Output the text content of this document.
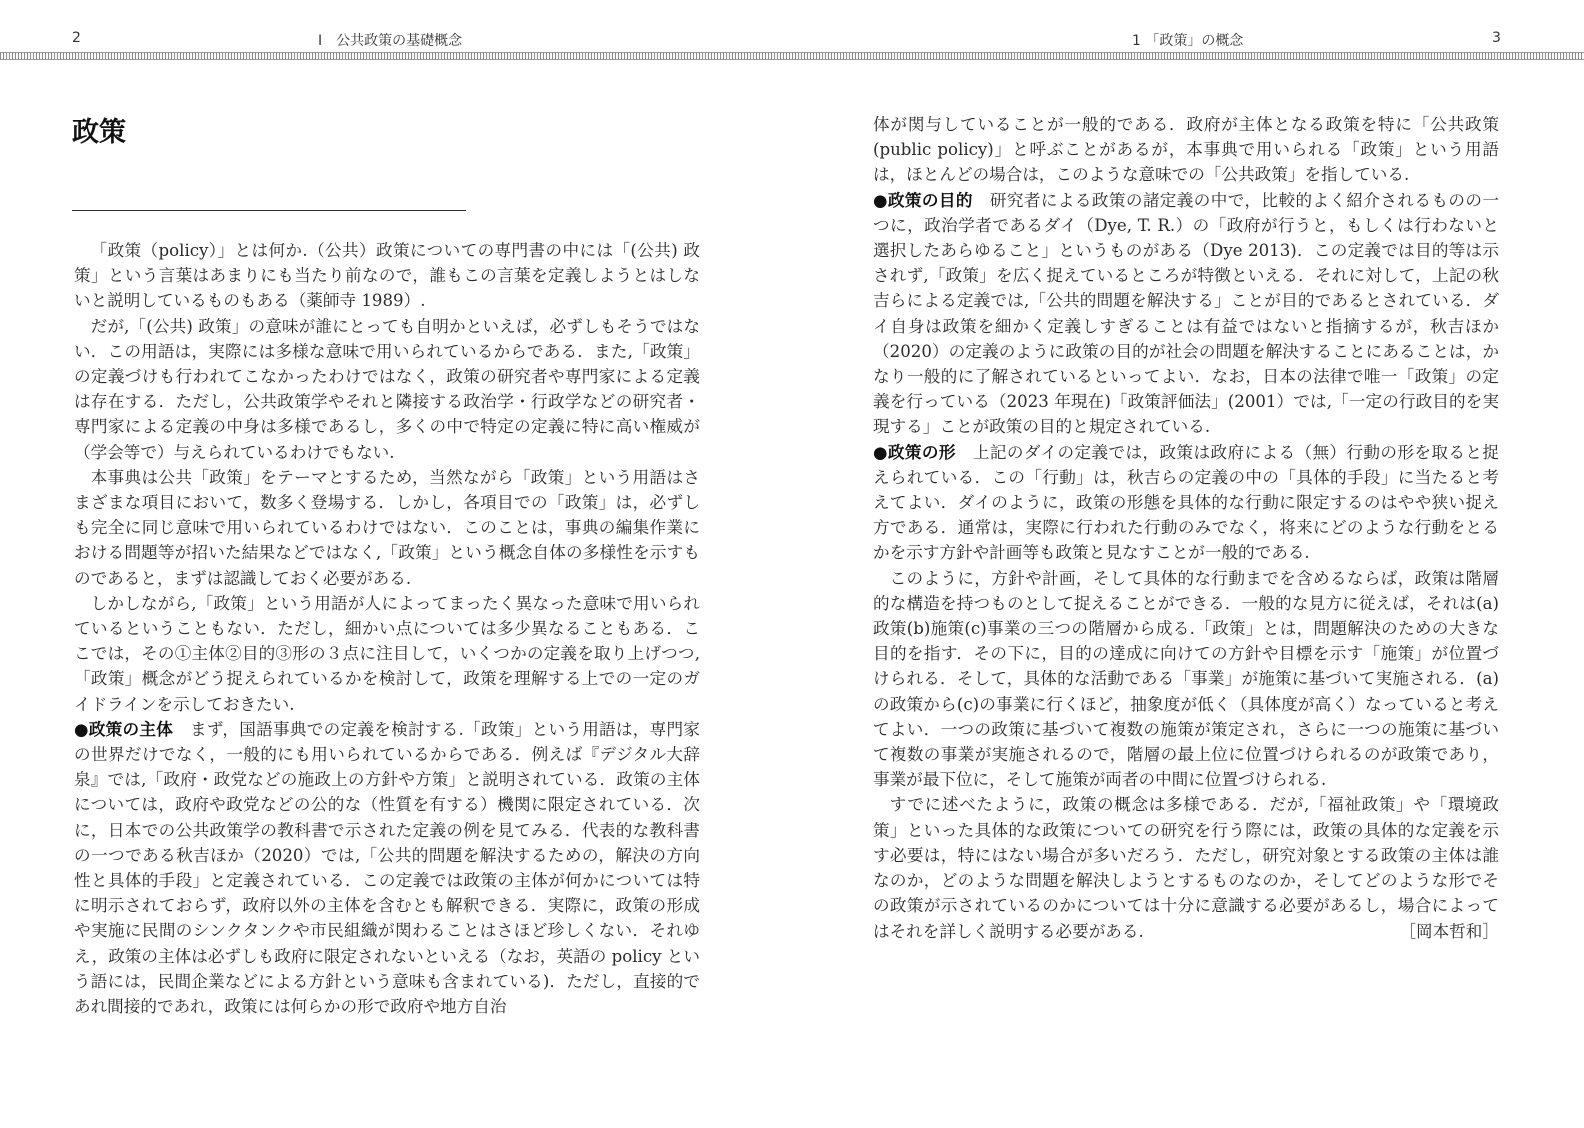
2	I　公共政策の基礎概念	1 「政策」の概念	3
政策

「政策（policy）」とは何か.（公共）政策についての専門書の中には「(公共) 政策」という言葉はあまりにも当たり前なので，誰もこの言葉を定義しようとはしないと説明しているものもある（薬師寺 1989）.

だが,「(公共) 政策」の意味が誰にとっても自明かといえば，必ずしもそうではない．この用語は，実際には多様な意味で用いられているからである．また,「政策」の定義づけも行われてこなかったわけではなく，政策の研究者や専門家による定義は存在する．ただし，公共政策学やそれと隣接する政治学・行政学などの研究者・専門家による定義の中身は多様であるし，多くの中で特定の定義に特に高い権威が（学会等で）与えられているわけでもない.

本事典は公共「政策」をテーマとするため，当然ながら「政策」という用語はさまざまな項目において，数多く登場する．しかし，各項目での「政策」は，必ずしも完全に同じ意味で用いられているわけではない．このことは，事典の編集作業における問題等が招いた結果などではなく,「政策」という概念自体の多様性を示すものであると，まずは認識しておく必要がある.

しかしながら,「政策」という用語が人によってまったく異なった意味で用いられているということもない．ただし，細かい点については多少異なることもある．ここでは，その①主体②目的③形の３点に注目して，いくつかの定義を取り上げつつ,「政策」概念がどう捉えられているかを検討して，政策を理解する上での一定のガイドラインを示しておきたい.

●政策の主体　まず，国語事典での定義を検討する.「政策」という用語は，専門家の世界だけでなく，一般的にも用いられているからである．例えば『デジタル大辞泉』では,「政府・政党などの施政上の方針や方策」と説明されている．政策の主体については，政府や政党などの公的な（性質を有する）機関に限定されている．次に，日本での公共政策学の教科書で示された定義の例を見てみる．代表的な教科書の一つである秋吉ほか（2020）では,「公共的問題を解決するための，解決の方向性と具体的手段」と定義されている．この定義では政策の主体が何かについては特に明示されておらず，政府以外の主体を含むとも解釈できる．実際に，政策の形成や実施に民間のシンクタンクや市民組織が関わることはさほど珍しくない．それゆえ，政策の主体は必ずしも政府に限定されないといえる（なお，英語の policy という語には，民間企業などによる方針という意味も含まれている)．ただし，直接的であれ間接的であれ，政策には何らかの形で政府や地方自治

体が関与していることが一般的である．政府が主体となる政策を特に「公共政策(public policy)」と呼ぶことがあるが，本事典で用いられる「政策」という用語は，ほとんどの場合は，このような意味での「公共政策」を指している.

●政策の目的　研究者による政策の諸定義の中で，比較的よく紹介されるものの一つに，政治学者であるダイ（Dye, T. R.）の「政府が行うと，もしくは行わないと選択したあらゆること」というものがある（Dye 2013)．この定義では目的等は示されず,「政策」を広く捉えているところが特徴といえる．それに対して，上記の秋吉らによる定義では,「公共的問題を解決する」ことが目的であるとされている．ダイ自身は政策を細かく定義しすぎることは有益ではないと指摘するが，秋吉ほか（2020）の定義のように政策の目的が社会の問題を解決することにあることは，かなり一般的に了解されているといってよい．なお，日本の法律で唯一「政策」の定義を行っている（2023 年現在)「政策評価法」(2001）では,「一定の行政目的を実現する」ことが政策の目的と規定されている.

●政策の形　上記のダイの定義では，政策は政府による（無）行動の形を取ると捉えられている．この「行動」は，秋吉らの定義の中の「具体的手段」に当たると考えてよい．ダイのように，政策の形態を具体的な行動に限定するのはやや狭い捉え方である．通常は，実際に行われた行動のみでなく，将来にどのような行動をとるかを示す方針や計画等も政策と見なすことが一般的である.

このように，方針や計画，そして具体的な行動までを含めるならば，政策は階層的な構造を持つものとして捉えることができる．一般的な見方に従えば，それは(a)政策(b)施策(c)事業の三つの階層から成る.「政策」とは，問題解決のための大きな目的を指す．その下に，目的の達成に向けての方針や目標を示す「施策」が位置づけられる．そして，具体的な活動である「事業」が施策に基づいて実施される．(a)の政策から(c)の事業に行くほど，抽象度が低く（具体度が高く）なっていると考えてよい．一つの政策に基づいて複数の施策が策定され，さらに一つの施策に基づいて複数の事業が実施されるので，階層の最上位に位置づけられるのが政策であり，事業が最下位に，そして施策が両者の中間に位置づけられる.

すでに述べたように，政策の概念は多様である．だが,「福祉政策」や「環境政策」といった具体的な政策についての研究を行う際には，政策の具体的な定義を示す必要は，特にはない場合が多いだろう．ただし，研究対象とする政策の主体は誰なのか，どのような問題を解決しようとするものなのか，そしてどのような形でその政策が示されているのかについては十分に意識する必要があるし，場合によってはそれを詳しく説明する必要がある.	［岡本哲和］
